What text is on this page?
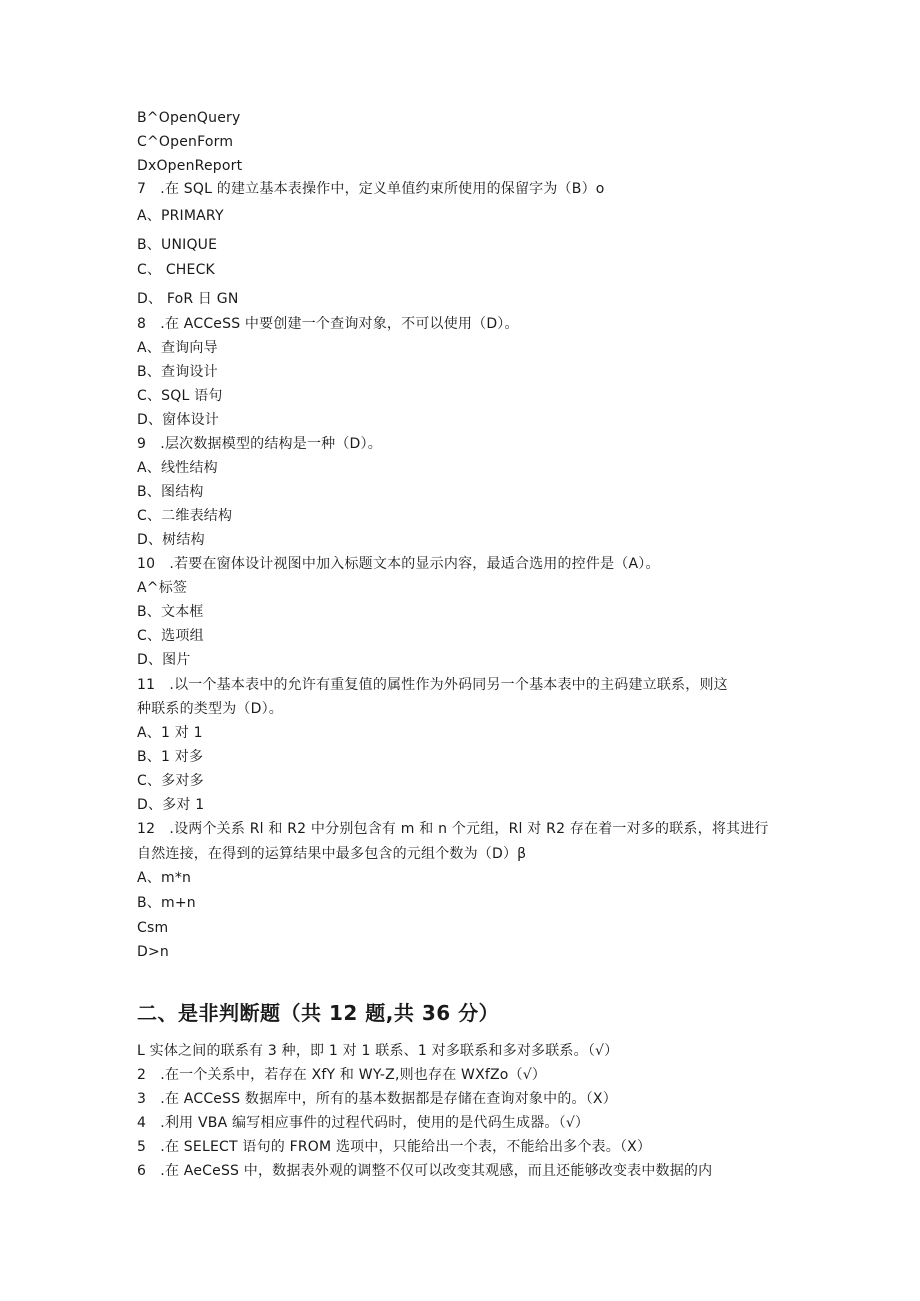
B^OpenQuery
C^OpenForm
DxOpenReport
7　.在 SQL 的建立基本表操作中，定义单值约束所使用的保留字为（B）o
A、PRIMARY
B、UNIQUE
C、 CHECK
D、 FoR 日 GN
8　.在 ACCeSS 中要创建一个查询对象，不可以使用（D）。
A、查询向导
B、查询设计
C、SQL 语句
D、窗体设计
9　.层次数据模型的结构是一种（D）。
A、线性结构
B、图结构
C、二维表结构
D、树结构
10　.若要在窗体设计视图中加入标题文本的显示内容，最适合选用的控件是（A）。
A^标签
B、文本框
C、选项组
D、图片
11　.以一个基本表中的允许有重复值的属性作为外码同另一个基本表中的主码建立联系，则这
种联系的类型为（D）。
A、1 对 1
B、1 对多
C、多对多
D、多对 1
12　.设两个关系 Rl 和 R2 中分别包含有 m 和 n 个元组，Rl 对 R2 存在着一对多的联系，将其进行
自然连接，在得到的运算结果中最多包含的元组个数为（D）β
A、m*n
B、m+n
Csm
D>n
二、是非判断题（共 12 题,共 36 分）
L 实体之间的联系有 3 种，即 1 对 1 联系、1 对多联系和多对多联系。（√）
2　.在一个关系中，若存在 XfY 和 WY-Z,则也存在 WXfZo（√）
3　.在 ACCeSS 数据库中，所有的基本数据都是存储在查询对象中的。（X）
4　.利用 VBA 编写相应事件的过程代码时，使用的是代码生成器。（√）
5　.在 SELECT 语句的 FROM 选项中，只能给出一个表，不能给出多个表。（X）
6　.在 AeCeSS 中，数据表外观的调整不仅可以改变其观感，而且还能够改变表中数据的内
